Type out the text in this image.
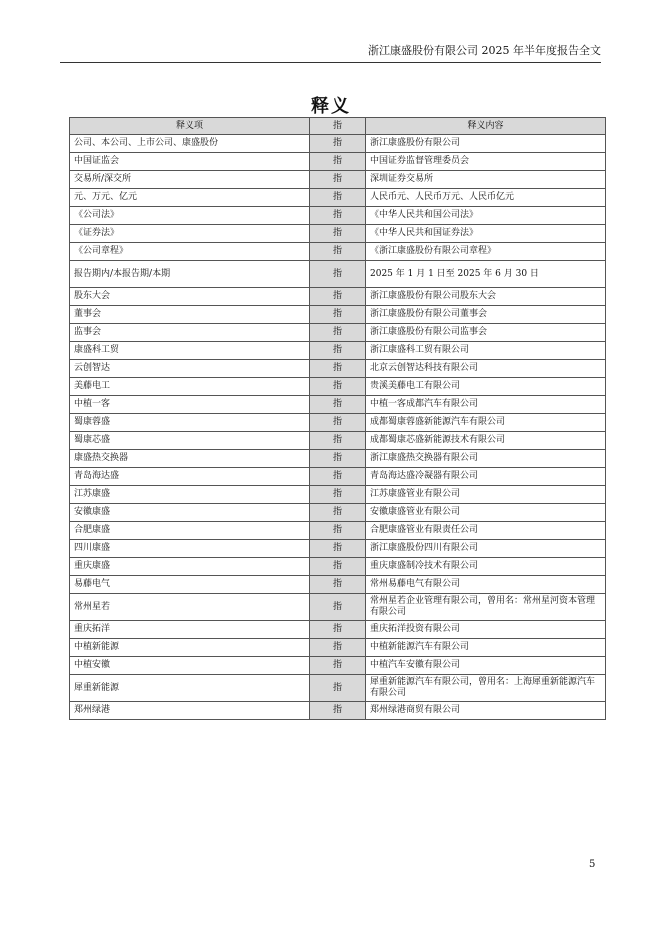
浙江康盛股份有限公司 2025 年半年度报告全文
释义
释义项	指	释义内容
公司、本公司、上市公司、康盛股份	指	浙江康盛股份有限公司
中国证监会	指	中国证券监督管理委员会
交易所/深交所	指	深圳证券交易所
元、万元、亿元	指	人民币元、人民币万元、人民币亿元
《公司法》	指	《中华人民共和国公司法》
《证券法》	指	《中华人民共和国证券法》
《公司章程》	指	《浙江康盛股份有限公司章程》
报告期内/本报告期/本期	指	2025 年 1 月 1 日至 2025 年 6 月 30 日
股东大会	指	浙江康盛股份有限公司股东大会
董事会	指	浙江康盛股份有限公司董事会
监事会	指	浙江康盛股份有限公司监事会
康盛科工贸	指	浙江康盛科工贸有限公司
云创智达	指	北京云创智达科技有限公司
美藤电工	指	贵溪美藤电工有限公司
中植一客	指	中植一客成都汽车有限公司
蜀康蓉盛	指	成都蜀康蓉盛新能源汽车有限公司
蜀康芯盛	指	成都蜀康芯盛新能源技术有限公司
康盛热交换器	指	浙江康盛热交换器有限公司
青岛海达盛	指	青岛海达盛冷凝器有限公司
江苏康盛	指	江苏康盛管业有限公司
安徽康盛	指	安徽康盛管业有限公司
合肥康盛	指	合肥康盛管业有限责任公司
四川康盛	指	浙江康盛股份四川有限公司
重庆康盛	指	重庆康盛制冷技术有限公司
易藤电气	指	常州易藤电气有限公司
常州星若	指	常州星若企业管理有限公司，曾用名：常州星河资本管理有限公司
重庆拓洋	指	重庆拓洋投资有限公司
中植新能源	指	中植新能源汽车有限公司
中植安徽	指	中植汽车安徽有限公司
犀重新能源	指	犀重新能源汽车有限公司，曾用名：上海犀重新能源汽车有限公司
郑州绿港	指	郑州绿港商贸有限公司
5
